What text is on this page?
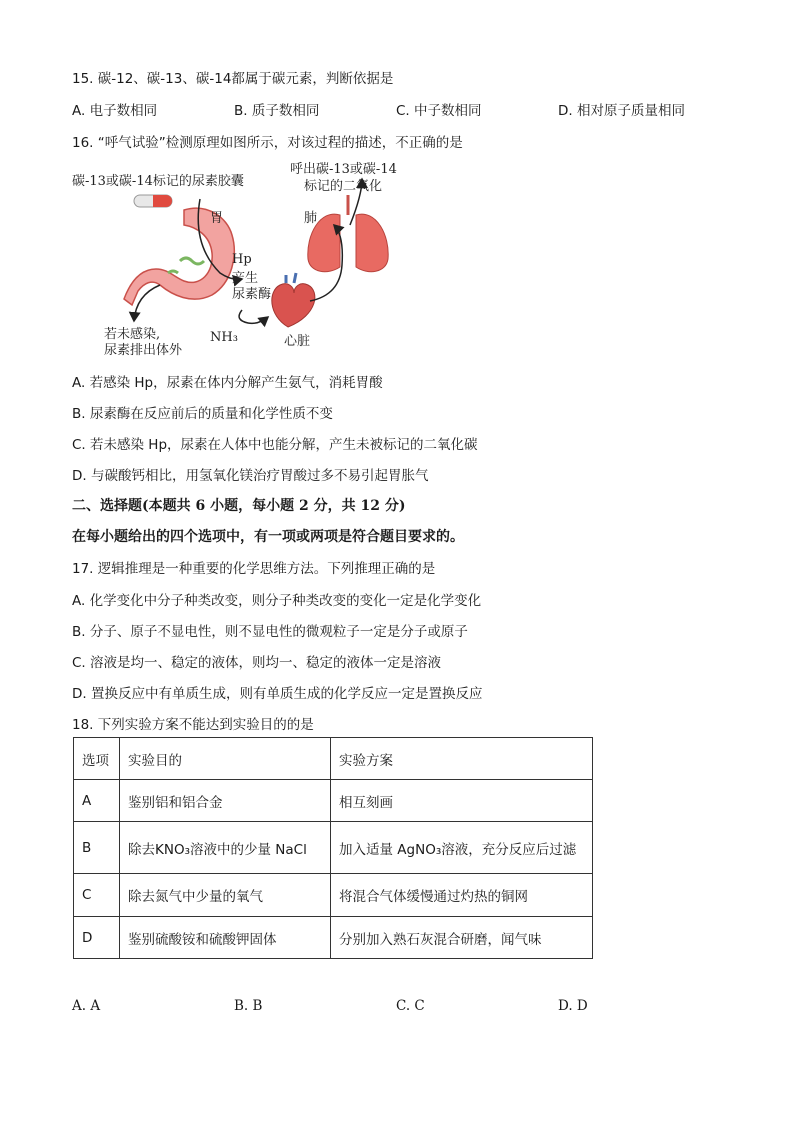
15. 碳-12、碳-13、碳-14都属于碳元素，判断依据是
A. 电子数相同	B. 质子数相同	C. 中子数相同	D. 相对原子质量相同
16. “呼气试验”检测原理如图所示，对该过程的描述，不正确的是
碳-13或碳-14标记的尿素胶囊
胃	肺
呼出碳-13或碳-14
标记的二氧化
Hp
产生
尿素酶
NH₃	心脏
若未感染,
尿素排出体外
A. 若感染 Hp，尿素在体内分解产生氨气，消耗胃酸
B. 尿素酶在反应前后的质量和化学性质不变
C. 若未感染 Hp，尿素在人体中也能分解，产生未被标记的二氧化碳
D. 与碳酸钙相比，用氢氧化镁治疗胃酸过多不易引起胃胀气
二、选择题(本题共 6 小题，每小题 2 分，共 12 分)
在每小题给出的四个选项中，有一项或两项是符合题目要求的。
17. 逻辑推理是一种重要的化学思维方法。下列推理正确的是
A. 化学变化中分子种类改变，则分子种类改变的变化一定是化学变化
B. 分子、原子不显电性，则不显电性的微观粒子一定是分子或原子
C. 溶液是均一、稳定的液体，则均一、稳定的液体一定是溶液
D. 置换反应中有单质生成，则有单质生成的化学反应一定是置换反应
18. 下列实验方案不能达到实验目的的是
选项	实验目的	实验方案
A	鉴别铝和铝合金	相互刻画
B	除去KNO₃溶液中的少量 NaCl	加入适量 AgNO₃溶液，充分反应后过滤
C	除去氮气中少量的氧气	将混合气体缓慢通过灼热的铜网
D	鉴别硫酸铵和硫酸钾固体	分别加入熟石灰混合研磨，闻气味
A. A	B. B	C. C	D. D
